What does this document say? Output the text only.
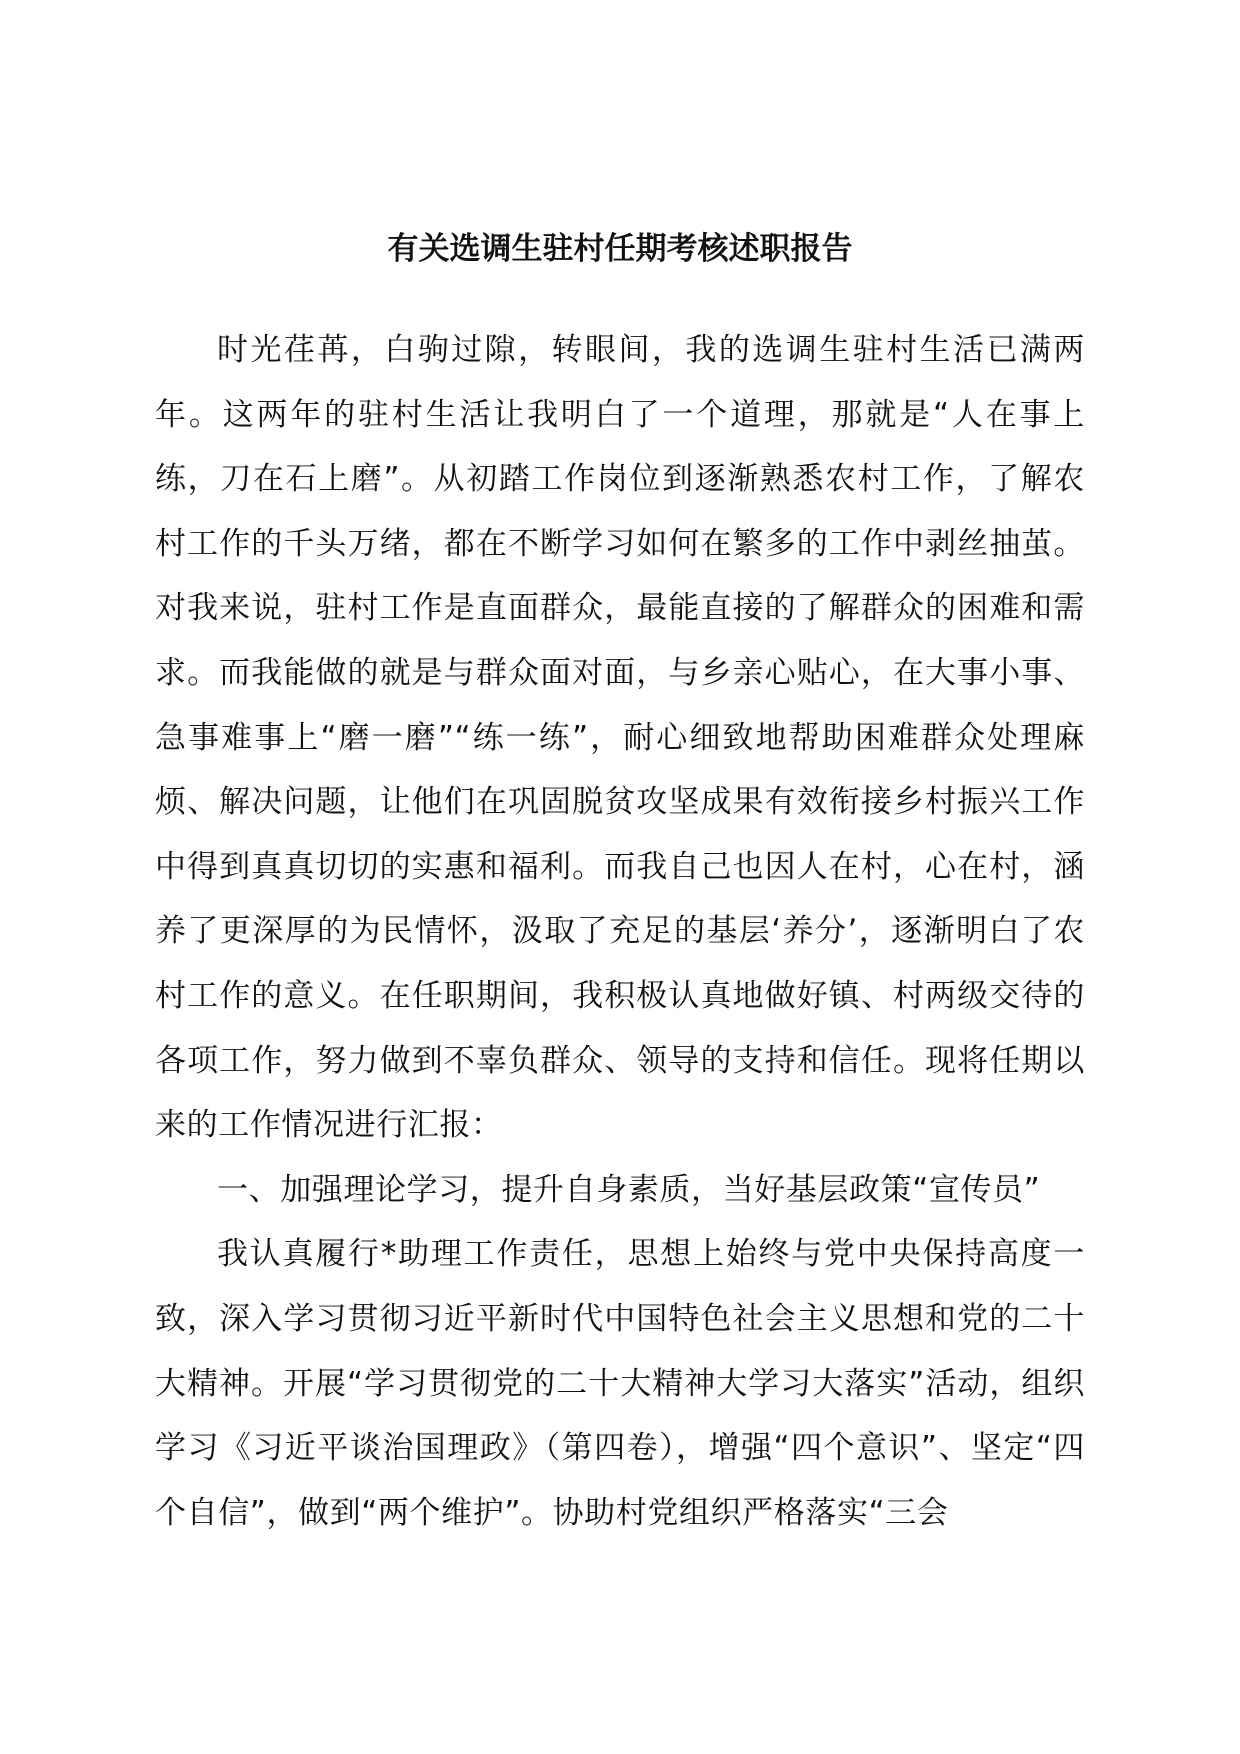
有关选调生驻村任期考核述职报告

时光荏苒，白驹过隙，转眼间，我的选调生驻村生活已满两年。这两年的驻村生活让我明白了一个道理，那就是“人在事上练，刀在石上磨”。从初踏工作岗位到逐渐熟悉农村工作，了解农村工作的千头万绪，都在不断学习如何在繁多的工作中剥丝抽茧。对我来说，驻村工作是直面群众，最能直接的了解群众的困难和需求。而我能做的就是与群众面对面，与乡亲心贴心，在大事小事、急事难事上“磨一磨”“练一练”，耐心细致地帮助困难群众处理麻烦、解决问题，让他们在巩固脱贫攻坚成果有效衔接乡村振兴工作中得到真真切切的实惠和福利。而我自己也因人在村，心在村，涵养了更深厚的为民情怀，汲取了充足的基层‘养分’，逐渐明白了农村工作的意义。在任职期间，我积极认真地做好镇、村两级交待的各项工作，努力做到不辜负群众、领导的支持和信任。现将任期以来的工作情况进行汇报：

一、加强理论学习，提升自身素质，当好基层政策“宣传员”

我认真履行*助理工作责任，思想上始终与党中央保持高度一致，深入学习贯彻习近平新时代中国特色社会主义思想和党的二十大精神。开展“学习贯彻党的二十大精神大学习大落实”活动，组织学习《习近平谈治国理政》（第四卷），增强“四个意识”、坚定“四个自信”，做到“两个维护”。协助村党组织严格落实“三会
